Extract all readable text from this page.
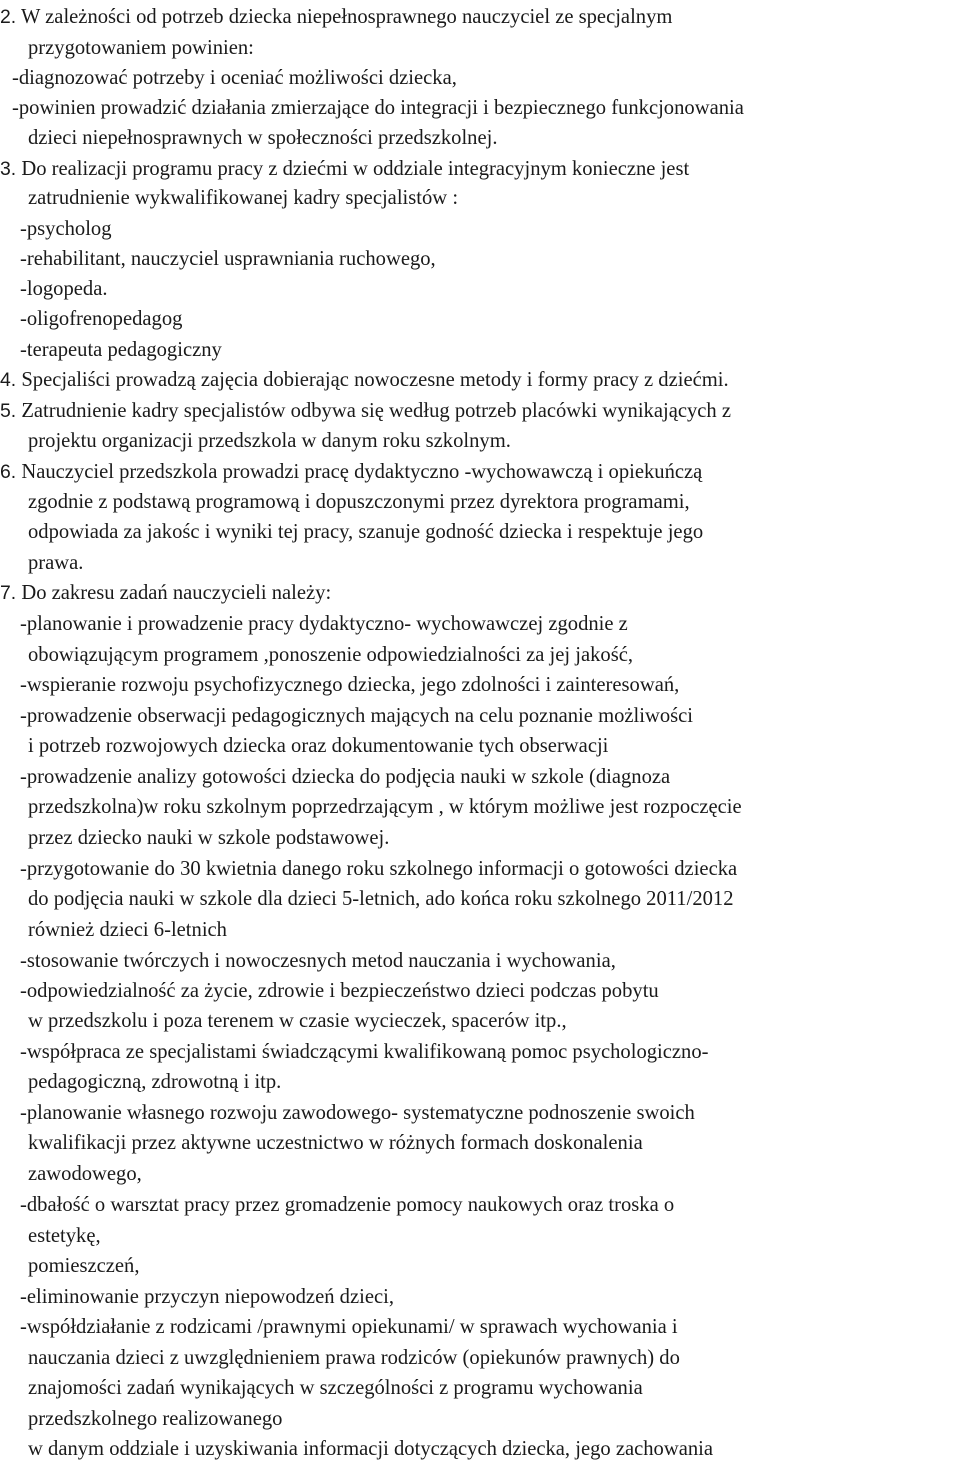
2. W zależności od potrzeb dziecka niepełnosprawnego nauczyciel ze specjalnym
przygotowaniem powinien:
-diagnozować potrzeby i oceniać możliwości dziecka,
-powinien prowadzić działania zmierzające do integracji i bezpiecznego funkcjonowania
dzieci niepełnosprawnych w społeczności przedszkolnej.
3. Do realizacji programu pracy z dziećmi w oddziale integracyjnym konieczne jest
zatrudnienie wykwalifikowanej kadry specjalistów :
-psycholog
-rehabilitant, nauczyciel usprawniania ruchowego,
-logopeda.
-oligofrenopedagog
-terapeuta pedagogiczny
4. Specjaliści prowadzą zajęcia dobierając nowoczesne metody i formy pracy z dziećmi.
5. Zatrudnienie kadry specjalistów odbywa się według potrzeb placówki wynikających z
projektu organizacji przedszkola w danym roku szkolnym.
6. Nauczyciel przedszkola prowadzi pracę dydaktyczno -wychowawczą i opiekuńczą
zgodnie z podstawą programową i dopuszczonymi przez dyrektora programami,
odpowiada za jakośc i wyniki tej pracy, szanuje godność dziecka i respektuje jego
prawa.
7. Do zakresu zadań nauczycieli należy:
-planowanie i prowadzenie pracy dydaktyczno- wychowawczej zgodnie z
obowiązującym programem ,ponoszenie odpowiedzialności za jej jakość,
-wspieranie rozwoju psychofizycznego dziecka, jego zdolności i zainteresowań,
-prowadzenie obserwacji pedagogicznych mających na celu poznanie możliwości
i potrzeb rozwojowych dziecka oraz dokumentowanie tych obserwacji
-prowadzenie analizy gotowości dziecka do podjęcia nauki w szkole (diagnoza
przedszkolna)w roku szkolnym poprzedrzającym , w którym możliwe jest rozpoczęcie
przez dziecko nauki w szkole podstawowej.
-przygotowanie do 30 kwietnia danego roku szkolnego informacji o gotowości dziecka
do podjęcia nauki w szkole dla dzieci 5-letnich, ado końca roku szkolnego 2011/2012
również dzieci 6-letnich
-stosowanie twórczych i nowoczesnych metod nauczania i wychowania,
-odpowiedzialność za życie, zdrowie i bezpieczeństwo dzieci podczas pobytu
w przedszkolu i poza terenem w czasie wycieczek, spacerów itp.,
-współpraca ze specjalistami świadczącymi kwalifikowaną pomoc psychologiczno-
pedagogiczną, zdrowotną i itp.
-planowanie własnego rozwoju zawodowego- systematyczne podnoszenie swoich
kwalifikacji przez aktywne uczestnictwo w różnych formach doskonalenia
zawodowego,
-dbałość o warsztat pracy przez gromadzenie pomocy naukowych oraz troska o
estetykę,
pomieszczeń,
-eliminowanie przyczyn niepowodzeń dzieci,
-współdziałanie z rodzicami /prawnymi opiekunami/ w sprawach wychowania i
nauczania dzieci z uwzględnieniem prawa rodziców (opiekunów prawnych) do
znajomości zadań wynikających w szczególności z programu wychowania
przedszkolnego realizowanego
w danym oddziale i uzyskiwania informacji dotyczących dziecka, jego zachowania
